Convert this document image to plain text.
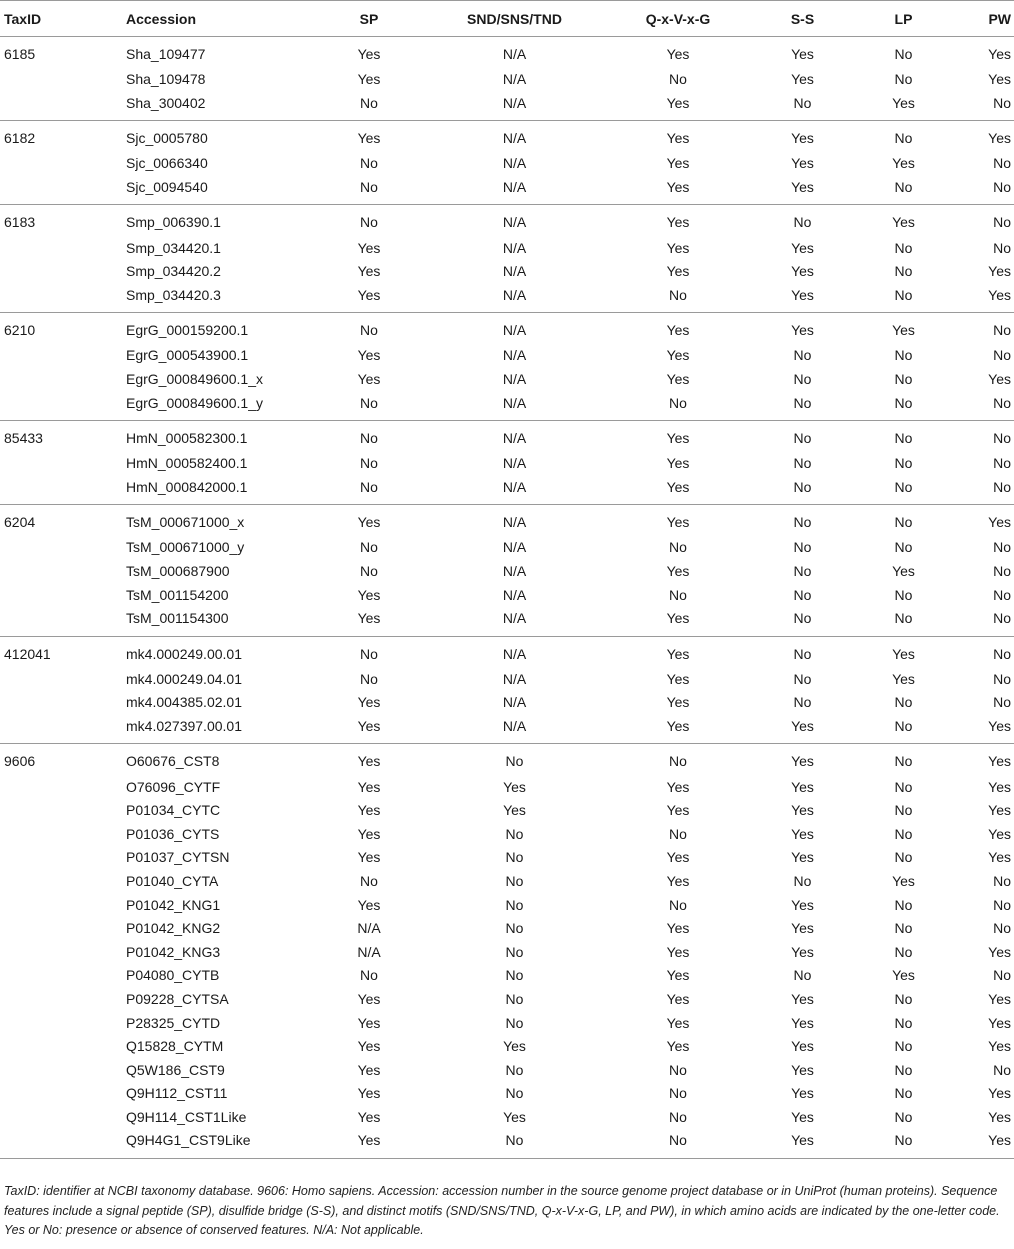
TaxID	Accession	SP	SND/SNS/TND	Q-x-V-x-G	S-S	LP	PW
6185	Sha_109477	Yes	N/A	Yes	Yes	No	Yes
	Sha_109478	Yes	N/A	No	Yes	No	Yes
	Sha_300402	No	N/A	Yes	No	Yes	No
6182	Sjc_0005780	Yes	N/A	Yes	Yes	No	Yes
	Sjc_0066340	No	N/A	Yes	Yes	Yes	No
	Sjc_0094540	No	N/A	Yes	Yes	No	No
6183	Smp_006390.1	No	N/A	Yes	No	Yes	No
	Smp_034420.1	Yes	N/A	Yes	Yes	No	No
	Smp_034420.2	Yes	N/A	Yes	Yes	No	Yes
	Smp_034420.3	Yes	N/A	No	Yes	No	Yes
6210	EgrG_000159200.1	No	N/A	Yes	Yes	Yes	No
	EgrG_000543900.1	Yes	N/A	Yes	No	No	No
	EgrG_000849600.1_x	Yes	N/A	Yes	No	No	Yes
	EgrG_000849600.1_y	No	N/A	No	No	No	No
85433	HmN_000582300.1	No	N/A	Yes	No	No	No
	HmN_000582400.1	No	N/A	Yes	No	No	No
	HmN_000842000.1	No	N/A	Yes	No	No	No
6204	TsM_000671000_x	Yes	N/A	Yes	No	No	Yes
	TsM_000671000_y	No	N/A	No	No	No	No
	TsM_000687900	No	N/A	Yes	No	Yes	No
	TsM_001154200	Yes	N/A	No	No	No	No
	TsM_001154300	Yes	N/A	Yes	No	No	No
412041	mk4.000249.00.01	No	N/A	Yes	No	Yes	No
	mk4.000249.04.01	No	N/A	Yes	No	Yes	No
	mk4.004385.02.01	Yes	N/A	Yes	No	No	No
	mk4.027397.00.01	Yes	N/A	Yes	Yes	No	Yes
9606	O60676_CST8	Yes	No	No	Yes	No	Yes
	O76096_CYTF	Yes	Yes	Yes	Yes	No	Yes
	P01034_CYTC	Yes	Yes	Yes	Yes	No	Yes
	P01036_CYTS	Yes	No	No	Yes	No	Yes
	P01037_CYTSN	Yes	No	Yes	Yes	No	Yes
	P01040_CYTA	No	No	Yes	No	Yes	No
	P01042_KNG1	Yes	No	No	Yes	No	No
	P01042_KNG2	N/A	No	Yes	Yes	No	No
	P01042_KNG3	N/A	No	Yes	Yes	No	Yes
	P04080_CYTB	No	No	Yes	No	Yes	No
	P09228_CYTSA	Yes	No	Yes	Yes	No	Yes
	P28325_CYTD	Yes	No	Yes	Yes	No	Yes
	Q15828_CYTM	Yes	Yes	Yes	Yes	No	Yes
	Q5W186_CST9	Yes	No	No	Yes	No	No
	Q9H112_CST11	Yes	No	No	Yes	No	Yes
	Q9H114_CST1Like	Yes	Yes	No	Yes	No	Yes
	Q9H4G1_CST9Like	Yes	No	No	Yes	No	Yes
TaxID: identifier at NCBI taxonomy database. 9606: Homo sapiens. Accession: accession number in the source genome project database or in UniProt (human proteins). Sequence features include a signal peptide (SP), disulfide bridge (S-S), and distinct motifs (SND/SNS/TND, Q-x-V-x-G, LP, and PW), in which amino acids are indicated by the one-letter code. Yes or No: presence or absence of conserved features. N/A: Not applicable.
